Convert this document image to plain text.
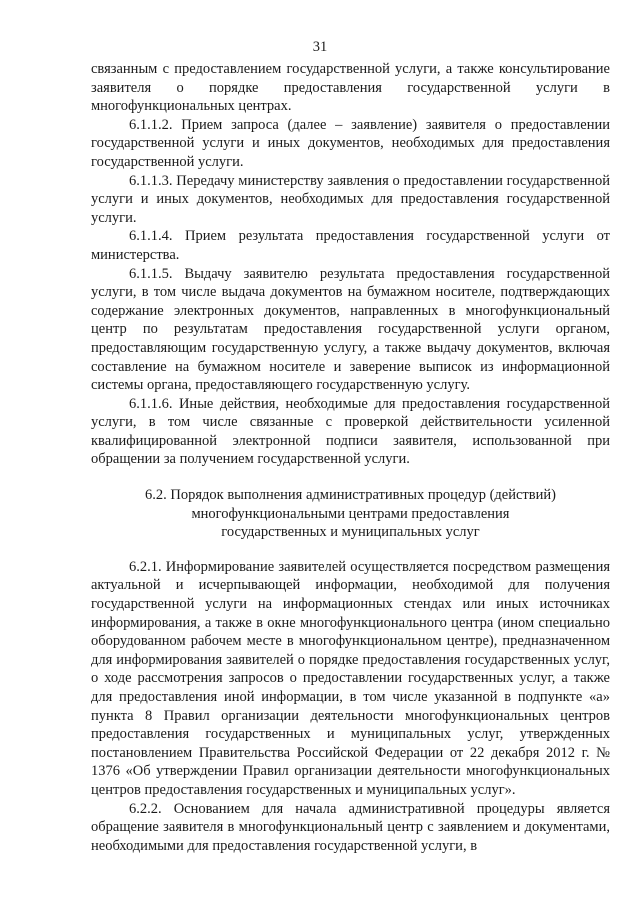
31

связанным с предоставлением государственной услуги, а также консультирование заявителя о порядке предоставления государственной услуги в многофункциональных центрах.

6.1.1.2. Прием запроса (далее – заявление) заявителя о предоставлении государственной услуги и иных документов, необходимых для предоставления государственной услуги.

6.1.1.3. Передачу министерству заявления о предоставлении государственной услуги и иных документов, необходимых для предоставления государственной услуги.

6.1.1.4. Прием результата предоставления государственной услуги от министерства.

6.1.1.5. Выдачу заявителю результата предоставления государственной услуги, в том числе выдача документов на бумажном носителе, подтверждающих содержание электронных документов, направленных в многофункциональный центр по результатам предоставления государственной услуги органом, предоставляющим государственную услугу, а также выдачу документов, включая составление на бумажном носителе и заверение выписок из информационной системы органа, предоставляющего государственную услугу.

6.1.1.6. Иные действия, необходимые для предоставления государственной услуги, в том числе связанные с проверкой действительности усиленной квалифицированной электронной подписи заявителя, использованной при обращении за получением государственной услуги.

6.2. Порядок выполнения административных процедур (действий)
многофункциональными центрами предоставления
государственных и муниципальных услуг

6.2.1. Информирование заявителей осуществляется посредством размещения актуальной и исчерпывающей информации, необходимой для получения государственной услуги на информационных стендах или иных источниках информирования, а также в окне многофункционального центра (ином специально оборудованном рабочем месте в многофункциональном центре), предназначенном для информирования заявителей о порядке предоставления государственных услуг, о ходе рассмотрения запросов о предоставлении государственных услуг, а также для предоставления иной информации, в том числе указанной в подпункте «а» пункта 8 Правил организации деятельности многофункциональных центров предоставления государственных и муниципальных услуг, утвержденных постановлением Правительства Российской Федерации от 22 декабря 2012 г. № 1376 «Об утверждении Правил организации деятельности многофункциональных центров предоставления государственных и муниципальных услуг».

6.2.2. Основанием для начала административной процедуры является обращение заявителя в многофункциональный центр с заявлением и документами, необходимыми для предоставления государственной услуги, в
